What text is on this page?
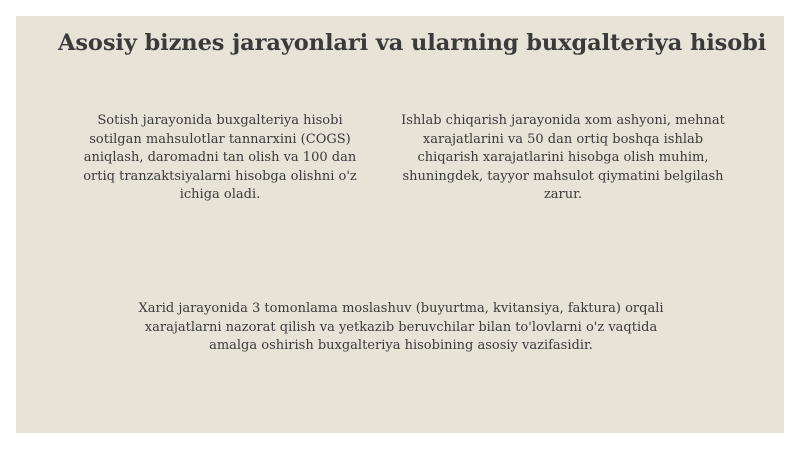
Asosiy biznes jarayonlari va ularning buxgalteriya hisobi

Sotish jarayonida buxgalteriya hisobi sotilgan mahsulotlar tannarxini (COGS) aniqlash, daromadni tan olish va 100 dan ortiq tranzaktsiyalarni hisobga olishni o'z ichiga oladi.

Ishlab chiqarish jarayonida xom ashyoni, mehnat xarajatlarini va 50 dan ortiq boshqa ishlab chiqarish xarajatlarini hisobga olish muhim, shuningdek, tayyor mahsulot qiymatini belgilash zarur.

Xarid jarayonida 3 tomonlama moslashuv (buyurtma, kvitansiya, faktura) orqali xarajatlarni nazorat qilish va yetkazib beruvchilar bilan to'lovlarni o'z vaqtida amalga oshirish buxgalteriya hisobining asosiy vazifasidir.
